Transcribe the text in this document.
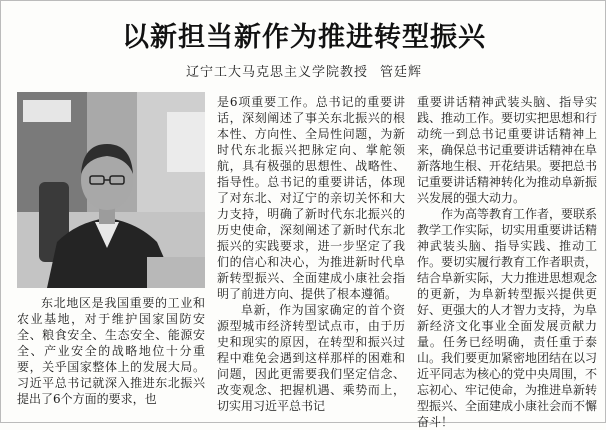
以新担当新作为推进转型振兴
辽宁工大马克思主义学院教授 管廷辉

东北地区是我国重要的工业和农业基地，对于维护国家国防安全、粮食安全、生态安全、能源安全、产业安全的战略地位十分重要，关乎国家整体上的发展大局。习近平总书记就深入推进东北振兴提出了6个方面的要求，也

是6项重要工作。总书记的重要讲话，深刻阐述了事关东北振兴的根本性、方向性、全局性问题，为新时代东北振兴把脉定向、掌舵领航，具有极强的思想性、战略性、指导性。总书记的重要讲话，体现了对东北、对辽宁的亲切关怀和大力支持，明确了新时代东北振兴的历史使命，深刻阐述了新时代东北振兴的实践要求，进一步坚定了我们的信心和决心，为推进新时代阜新转型振兴、全面建成小康社会指明了前进方向、提供了根本遵循。

阜新，作为国家确定的首个资源型城市经济转型试点市，由于历史和现实的原因，在转型和振兴过程中难免会遇到这样那样的困难和问题，因此更需要我们坚定信念、改变观念、把握机遇、乘势而上，切实用习近平总书记

重要讲话精神武装头脑、指导实践、推动工作。要切实把思想和行动统一到总书记重要讲话精神上来，确保总书记重要讲话精神在阜新落地生根、开花结果。要把总书记重要讲话精神转化为推动阜新振兴发展的强大动力。

作为高等教育工作者，要联系教学工作实际，切实用重要讲话精神武装头脑、指导实践、推动工作。要切实履行教育工作者职责，结合阜新实际，大力推进思想观念的更新，为阜新转型振兴提供更好、更强大的人才智力支持，为阜新经济文化事业全面发展贡献力量。任务已经明确，责任重于泰山。我们要更加紧密地团结在以习近平同志为核心的党中央周围，不忘初心、牢记使命，为推进阜新转型振兴、全面建成小康社会而不懈奋斗！
